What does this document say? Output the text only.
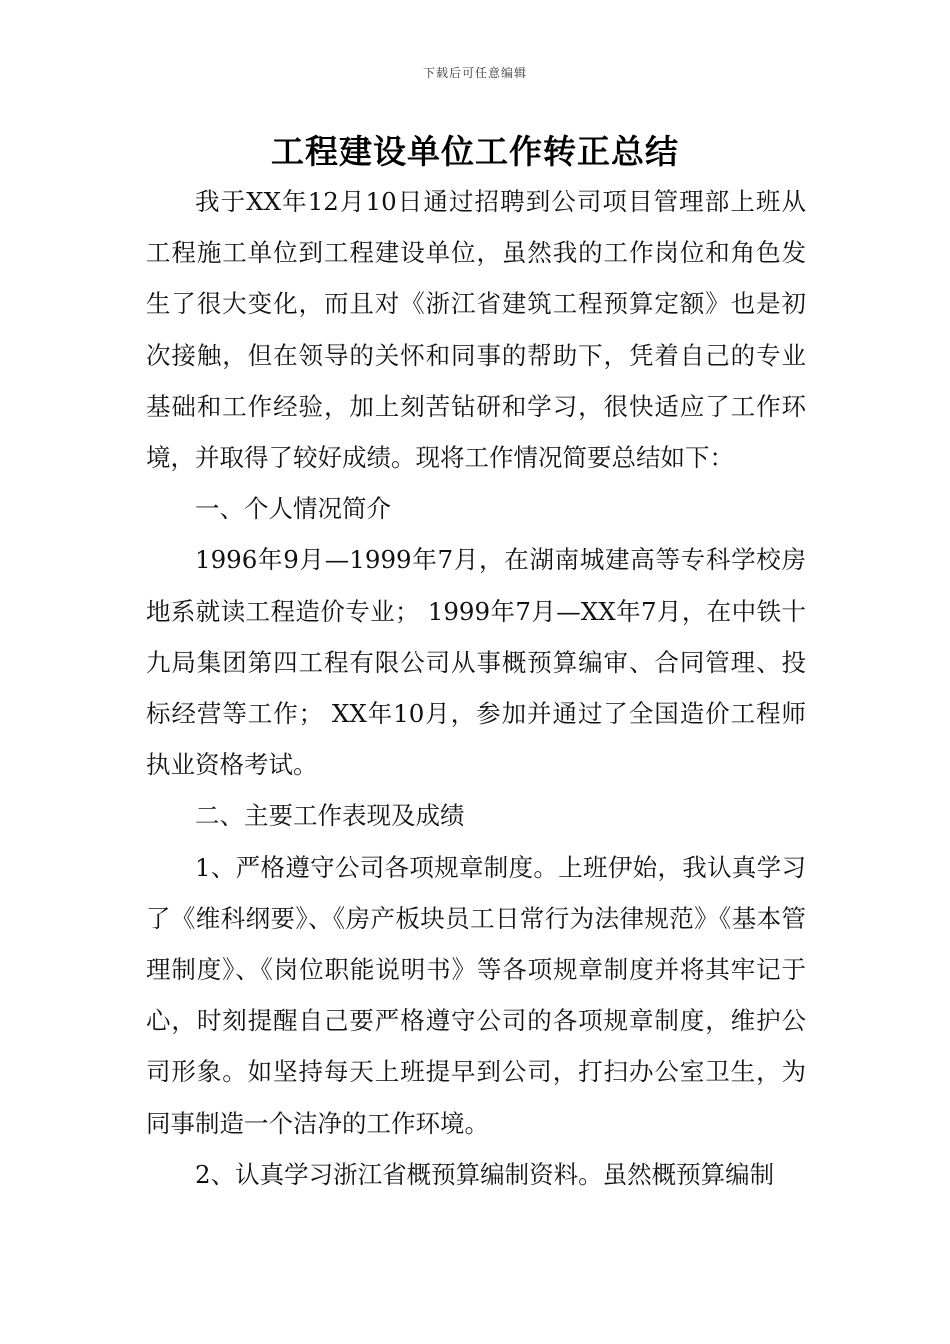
下载后可任意编辑
工程建设单位工作转正总结

我于XX年12月10日通过招聘到公司项目管理部上班从工程施工单位到工程建设单位，虽然我的工作岗位和角色发生了很大变化，而且对《浙江省建筑工程预算定额》也是初次接触，但在领导的关怀和同事的帮助下，凭着自己的专业基础和工作经验，加上刻苦钻研和学习，很快适应了工作环境，并取得了较好成绩。现将工作情况简要总结如下：

一、个人情况简介

1996年9月—1999年7月，在湖南城建高等专科学校房地系就读工程造价专业； 1999年7月—XX年7月，在中铁十九局集团第四工程有限公司从事概预算编审、合同管理、投标经营等工作； XX年10月，参加并通过了全国造价工程师执业资格考试。

二、主要工作表现及成绩

1、严格遵守公司各项规章制度。上班伊始，我认真学习了《维科纲要》、《房产板块员工日常行为法律规范》《基本管理制度》、《岗位职能说明书》等各项规章制度并将其牢记于心，时刻提醒自己要严格遵守公司的各项规章制度，维护公司形象。如坚持每天上班提早到公司，打扫办公室卫生，为同事制造一个洁净的工作环境。

2、认真学习浙江省概预算编制资料。虽然概预算编制
